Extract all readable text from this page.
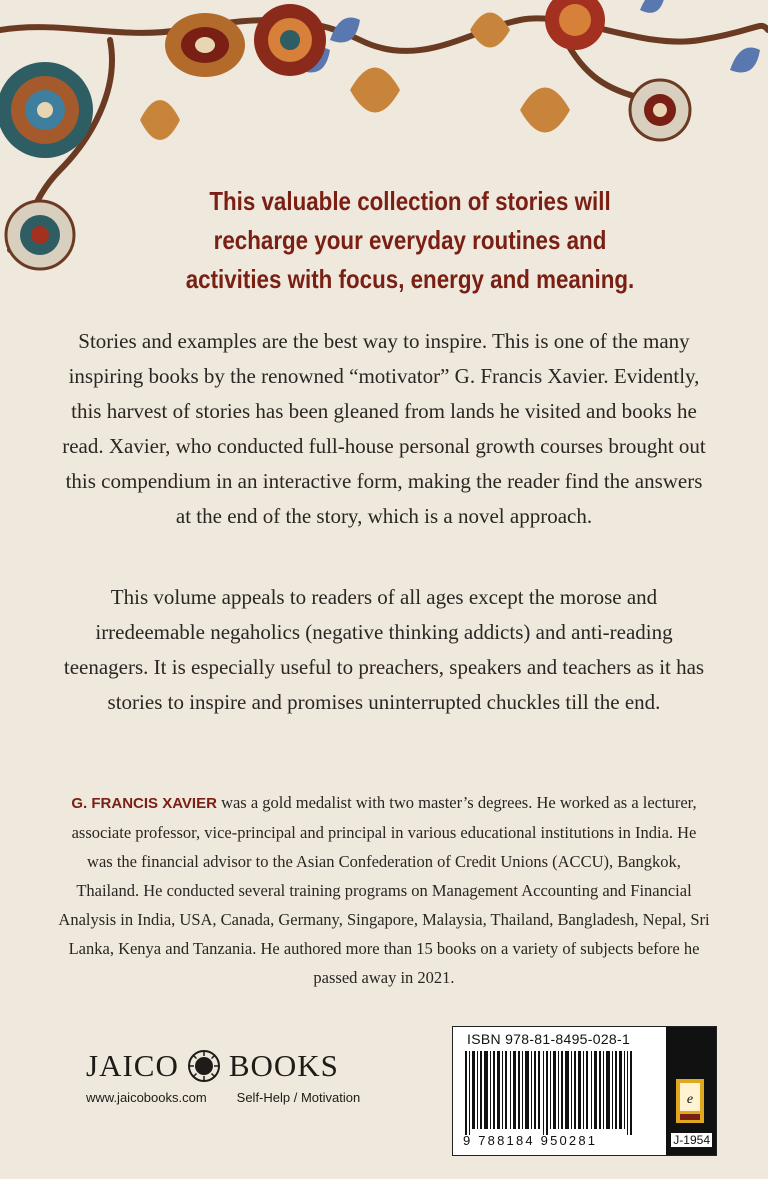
This valuable collection of stories will recharge your everyday routines and activities with focus, energy and meaning.
Stories and examples are the best way to inspire. This is one of the many inspiring books by the renowned “motivator” G. Francis Xavier. Evidently, this harvest of stories has been gleaned from lands he visited and books he read. Xavier, who conducted full-house personal growth courses brought out this compendium in an interactive form, making the reader find the answers at the end of the story, which is a novel approach.
This volume appeals to readers of all ages except the morose and irredeemable negaholics (negative thinking addicts) and anti-reading teenagers. It is especially useful to preachers, speakers and teachers as it has stories to inspire and promises uninterrupted chuckles till the end.
G. FRANCIS XAVIER was a gold medalist with two master’s degrees. He worked as a lecturer, associate professor, vice-principal and principal in various educational institutions in India. He was the financial advisor to the Asian Confederation of Credit Unions (ACCU), Bangkok, Thailand. He conducted several training programs on Management Accounting and Financial Analysis in India, USA, Canada, Germany, Singapore, Malaysia, Thailand, Bangladesh, Nepal, Sri Lanka, Kenya and Tanzania. He authored more than 15 books on a variety of subjects before he passed away in 2021.
JAICO BOOKS
www.jaicobooks.com Self-Help / Motivation
ISBN 978-81-8495-028-1
9 788184 950281
e
J-1954
